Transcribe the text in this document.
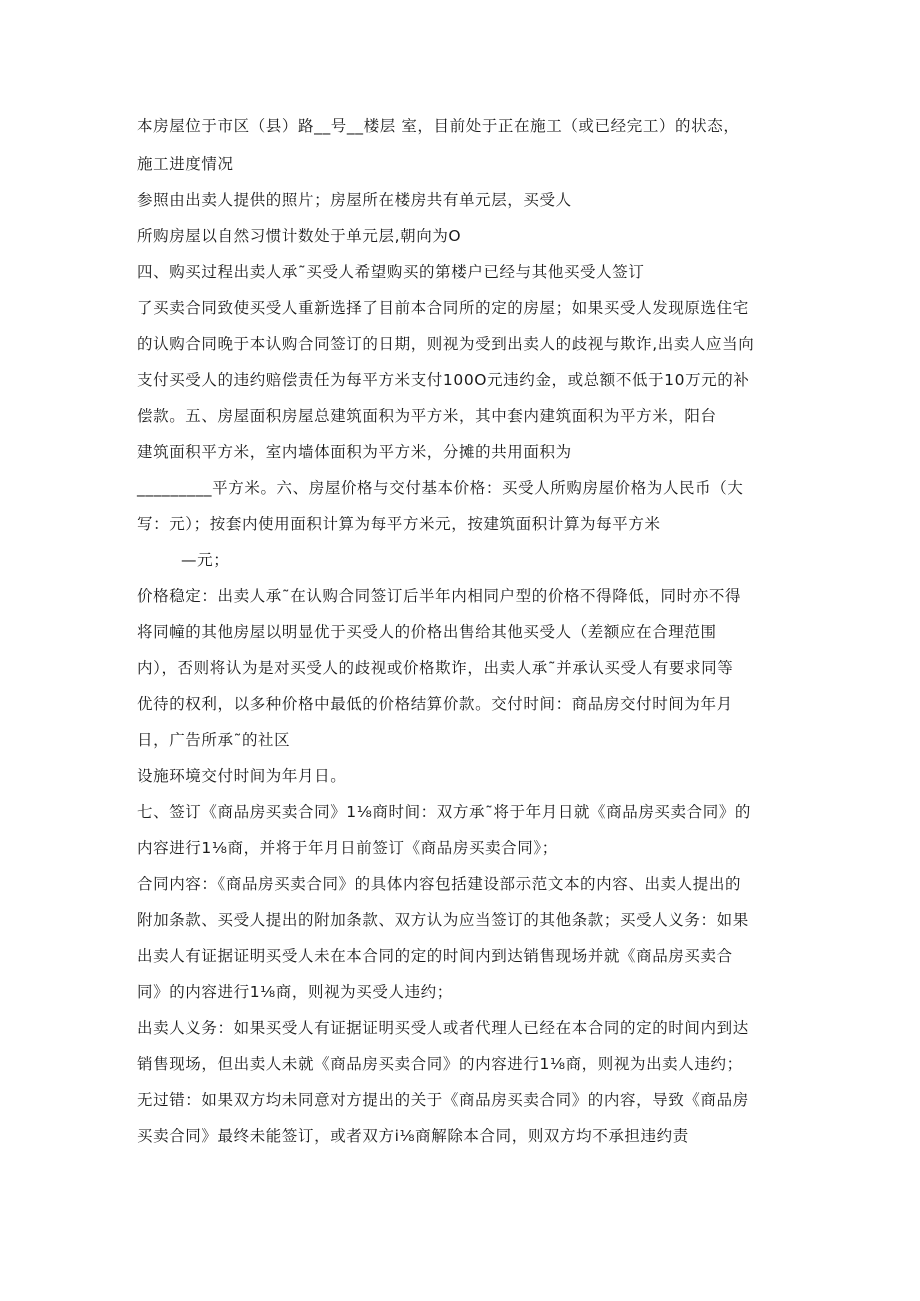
本房屋位于市区（县）路__号__楼层 室，目前处于正在施工（或已经完工）的状态，

施工进度情况

参照由出卖人提供的照片；房屋所在楼房共有单元层，买受人

所购房屋以自然习惯计数处于单元层,朝向为O

四、购买过程出卖人承˜买受人希望购买的第楼户已经与其他买受人签订

了买卖合同致使买受人重新选择了目前本合同所的定的房屋；如果买受人发现原选住宅

的认购合同晚于本认购合同签订的日期，则视为受到出卖人的歧视与欺诈,出卖人应当向

支付买受人的违约赔偿责任为每平方米支付100O元违约金，或总额不低于10万元的补

偿款。五、房屋面积房屋总建筑面积为平方米，其中套内建筑面积为平方米，阳台

建筑面积平方米，室内墙体面积为平方米，分摊的共用面积为

_________平方米。六、房屋价格与交付基本价格：买受人所购房屋价格为人民币（大

写：元）；按套内使用面积计算为每平方米元，按建筑面积计算为每平方米

—元；

价格稳定：出卖人承˜在认购合同签订后半年内相同户型的价格不得降低，同时亦不得

将同幢的其他房屋以明显优于买受人的价格出售给其他买受人（差额应在合理范围

内），否则将认为是对买受人的歧视或价格欺诈，出卖人承˜并承认买受人有要求同等

优待的权利，以多种价格中最低的价格结算价款。交付时间：商品房交付时间为年月

日，广告所承˜的社区

设施环境交付时间为年月日。

七、签订《商品房买卖合同》1⅛商时间：双方承˜将于年月日就《商品房买卖合同》的

内容进行1⅛商，并将于年月日前签订《商品房买卖合同》；

合同内容：《商品房买卖合同》的具体内容包括建设部示范文本的内容、出卖人提出的

附加条款、买受人提出的附加条款、双方认为应当签订的其他条款；买受人义务：如果

出卖人有证据证明买受人未在本合同的定的时间内到达销售现场并就《商品房买卖合

同》的内容进行1⅛商，则视为买受人违约；

出卖人义务：如果买受人有证据证明买受人或者代理人已经在本合同的定的时间内到达

销售现场，但出卖人未就《商品房买卖合同》的内容进行1⅛商，则视为出卖人违约；

无过错：如果双方均未同意对方提出的关于《商品房买卖合同》的内容，导致《商品房

买卖合同》最终未能签订，或者双方i⅛商解除本合同，则双方均不承担违约责
